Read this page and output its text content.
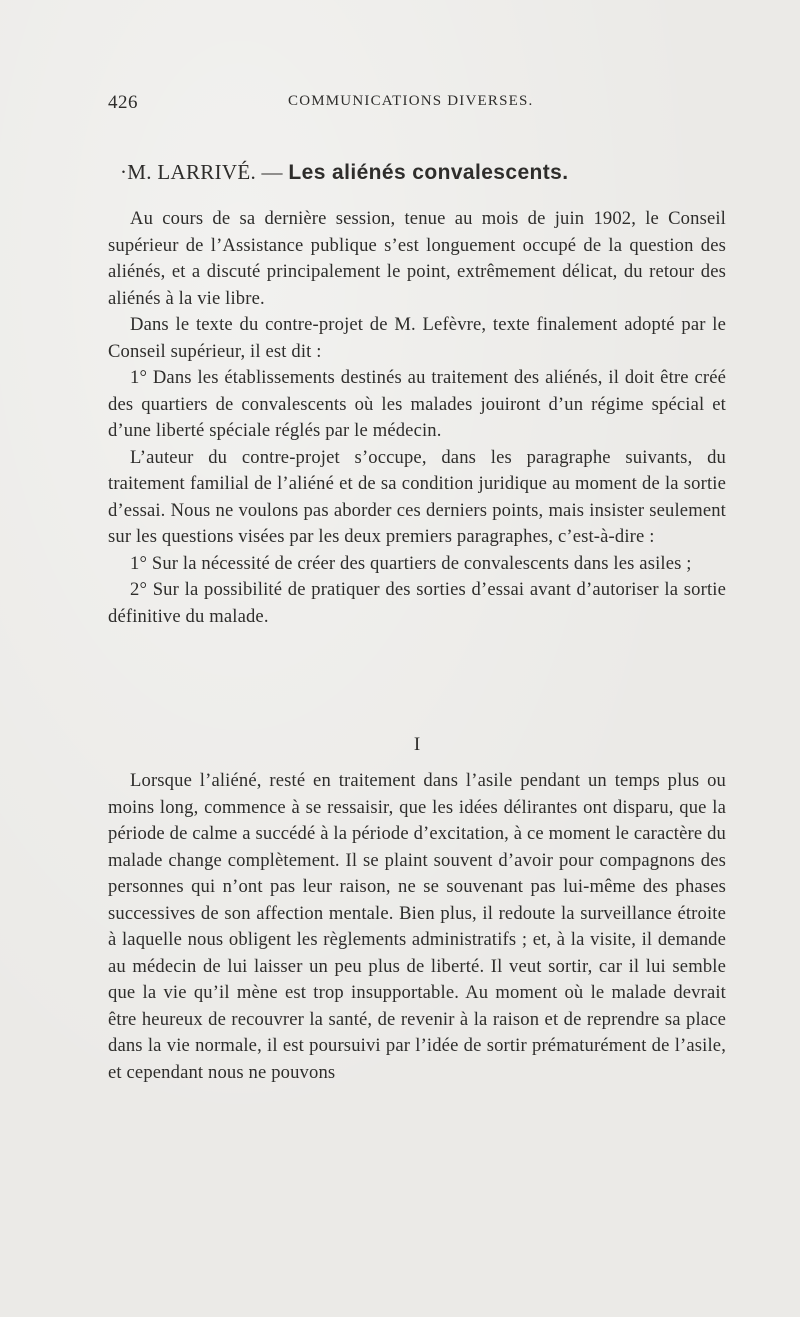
426	COMMUNICATIONS DIVERSES.
·M. LARRIVÉ. — Les aliénés convalescents.

Au cours de sa dernière session, tenue au mois de juin 1902, le Conseil supérieur de l’Assistance publique s’est longuement occupé de la question des aliénés, et a discuté principalement le point, extrêmement délicat, du retour des aliénés à la vie libre.

Dans le texte du contre-projet de M. Lefèvre, texte finalement adopté par le Conseil supérieur, il est dit :

1° Dans les établissements destinés au traitement des aliénés, il doit être créé des quartiers de convalescents où les malades jouiront d’un régime spécial et d’une liberté spéciale réglés par le médecin.

L’auteur du contre-projet s’occupe, dans les paragraphe suivants, du traitement familial de l’aliéné et de sa condition juridique au moment de la sortie d’essai. Nous ne voulons pas aborder ces derniers points, mais insister seulement sur les questions visées par les deux premiers paragraphes, c’est-à-dire :

1° Sur la nécessité de créer des quartiers de convalescents dans les asiles ;

2° Sur la possibilité de pratiquer des sorties d’essai avant d’autoriser la sortie définitive du malade.

I

Lorsque l’aliéné, resté en traitement dans l’asile pendant un temps plus ou moins long, commence à se ressaisir, que les idées délirantes ont disparu, que la période de calme a succédé à la période d’excitation, à ce moment le caractère du malade change complètement. Il se plaint souvent d’avoir pour compagnons des personnes qui n’ont pas leur raison, ne se souvenant pas lui-même des phases successives de son affection mentale. Bien plus, il redoute la surveillance étroite à laquelle nous obligent les règlements administratifs ; et, à la visite, il demande au médecin de lui laisser un peu plus de liberté. Il veut sortir, car il lui semble que la vie qu’il mène est trop insupportable. Au moment où le malade devrait être heureux de recouvrer la santé, de revenir à la raison et de reprendre sa place dans la vie normale, il est poursuivi par l’idée de sortir prématurément de l’asile, et cependant nous ne pouvons
